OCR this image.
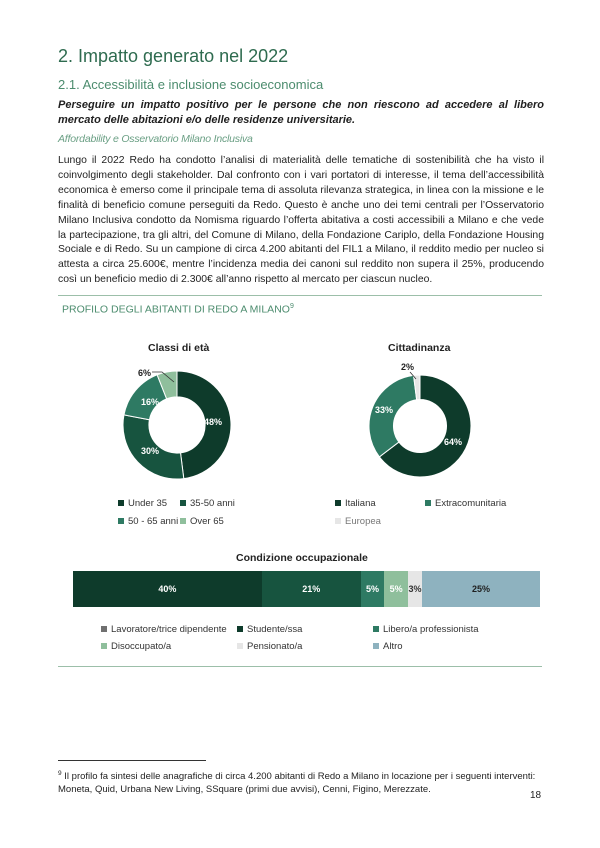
2. Impatto generato nel 2022
2.1. Accessibilità e inclusione socioeconomica
Perseguire un impatto positivo per le persone che non riescono ad accedere al libero mercato delle abitazioni e/o delle residenze universitarie.
Affordability e Osservatorio Milano Inclusiva
Lungo il 2022 Redo ha condotto l’analisi di materialità delle tematiche di sostenibilità che ha visto il coinvolgimento degli stakeholder. Dal confronto con i vari portatori di interesse, il tema dell’accessibilità economica è emerso come il principale tema di assoluta rilevanza strategica, in linea con la missione e le finalità di beneficio comune perseguiti da Redo. Questo è anche uno dei temi centrali per l’Osservatorio Milano Inclusiva condotto da Nomisma riguardo l’offerta abitativa a costi accessibili a Milano e che vede la partecipazione, tra gli altri, del Comune di Milano, della Fondazione Cariplo, della Fondazione Housing Sociale e di Redo. Su un campione di circa 4.200 abitanti del FIL1 a Milano, il reddito medio per nucleo si attesta a circa 25.600€, mentre l’incidenza media dei canoni sul reddito non supera il 25%, producendo così un beneficio medio di 2.300€ all’anno rispetto al mercato per ciascun nucleo.
PROFILO DEGLI ABITANTI DI REDO A MILANO$^9$
Classi di età
6%
16%
48%
30%
Under 35	35-50 anni
50 - 65 anni	Over 65
Cittadinanza
2%
33%
64%
Italiana	Extracomunitaria
Europea
Condizione occupazionale
40%	21%	5%	5% 3%	25%
Lavoratore/trice dipendente	Studente/ssa	Libero/a professionista
Disoccupato/a	Pensionato/a	Altro
$^9$ Il profilo fa sintesi delle anagrafiche di circa 4.200 abitanti di Redo a Milano in locazione per i seguenti interventi: Moneta, Quid, Urbana New Living, SSquare (primi due avvisi), Cenni, Figino, Merezzate.
18
